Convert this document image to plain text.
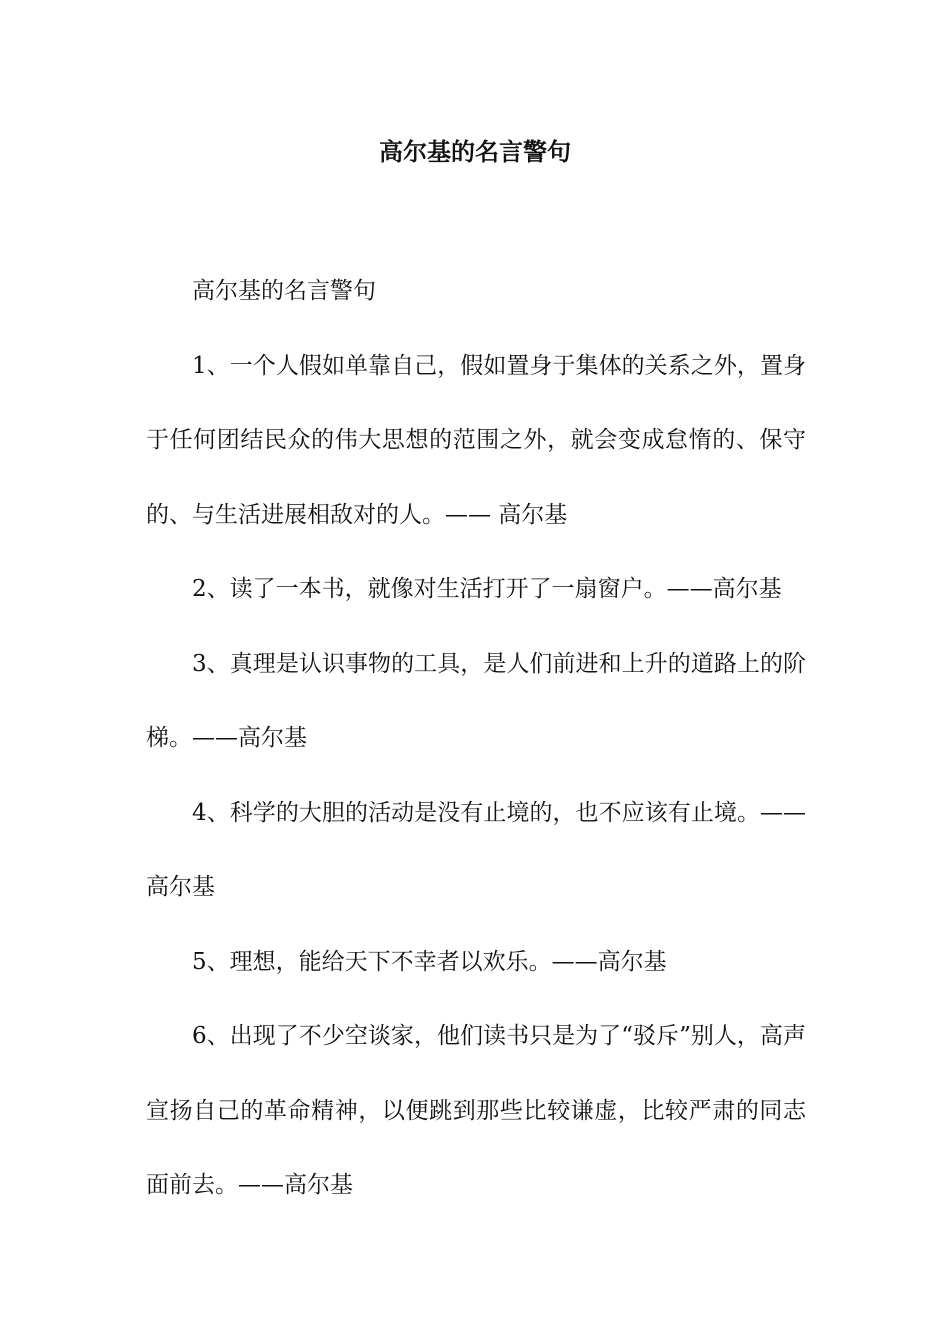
高尔基的名言警句

高尔基的名言警句

1、一个人假如单靠自己，假如置身于集体的关系之外，置身于任何团结民众的伟大思想的范围之外，就会变成怠惰的、保守的、与生活进展相敌对的人。—— 高尔基

2、读了一本书，就像对生活打开了一扇窗户。——高尔基

3、真理是认识事物的工具，是人们前进和上升的道路上的阶梯。——高尔基

4、科学的大胆的活动是没有止境的，也不应该有止境。——高尔基

5、理想，能给天下不幸者以欢乐。——高尔基

6、出现了不少空谈家，他们读书只是为了“驳斥”别人，高声宣扬自己的革命精神，以便跳到那些比较谦虚，比较严肃的同志面前去。——高尔基
